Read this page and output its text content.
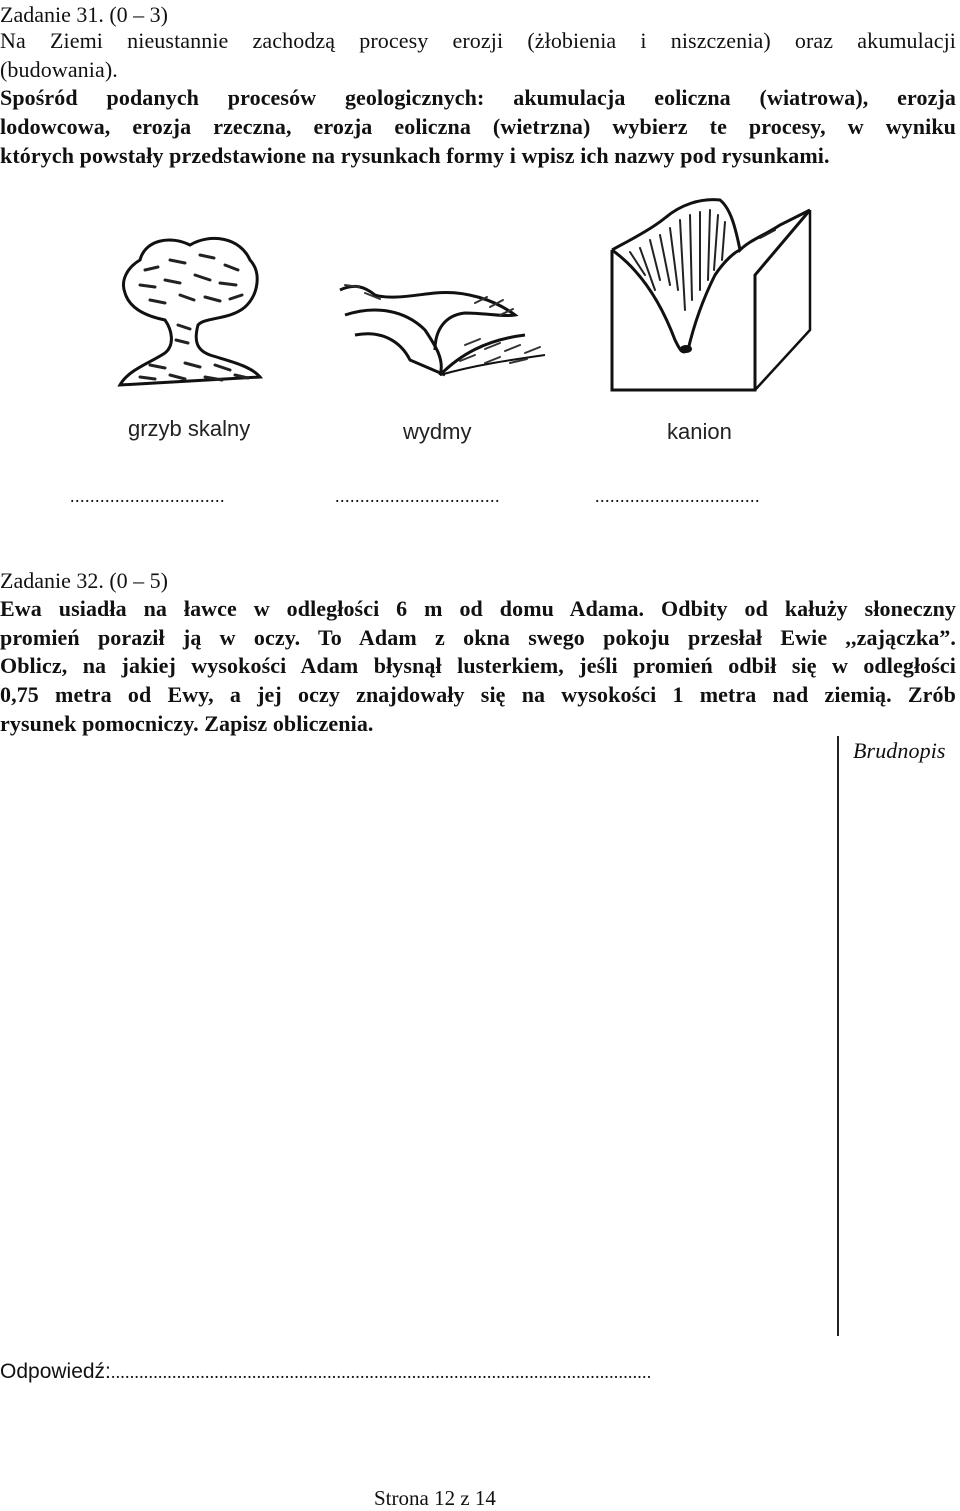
Zadanie 31. (0 – 3)
Na Ziemi nieustannie zachodzą procesy erozji (żłobienia i niszczenia) oraz akumulacji
(budowania).
Spośród podanych procesów geologicznych: akumulacja eoliczna (wiatrowa), erozja
lodowcowa, erozja rzeczna, erozja eoliczna (wietrzna) wybierz te procesy, w wyniku
których powstały przedstawione na rysunkach formy i wpisz ich nazwy pod rysunkami.
grzyb skalny	wydmy	kanion
...............................	.................................	.................................
Zadanie 32. (0 – 5)
Ewa usiadła na ławce w odległości 6 m od domu Adama. Odbity od kałuży słoneczny
promień poraził ją w oczy. To Adam z okna swego pokoju przesłał Ewie ,,zajączka”.
Oblicz, na jakiej wysokości Adam błysnął lusterkiem, jeśli promień odbił się w odległości
0,75 metra od Ewy, a jej oczy znajdowały się na wysokości 1 metra nad ziemią. Zrób
rysunek pomocniczy. Zapisz obliczenia.
Brudnopis
Odpowiedź:...................................................................................................................
Strona 12 z 14
